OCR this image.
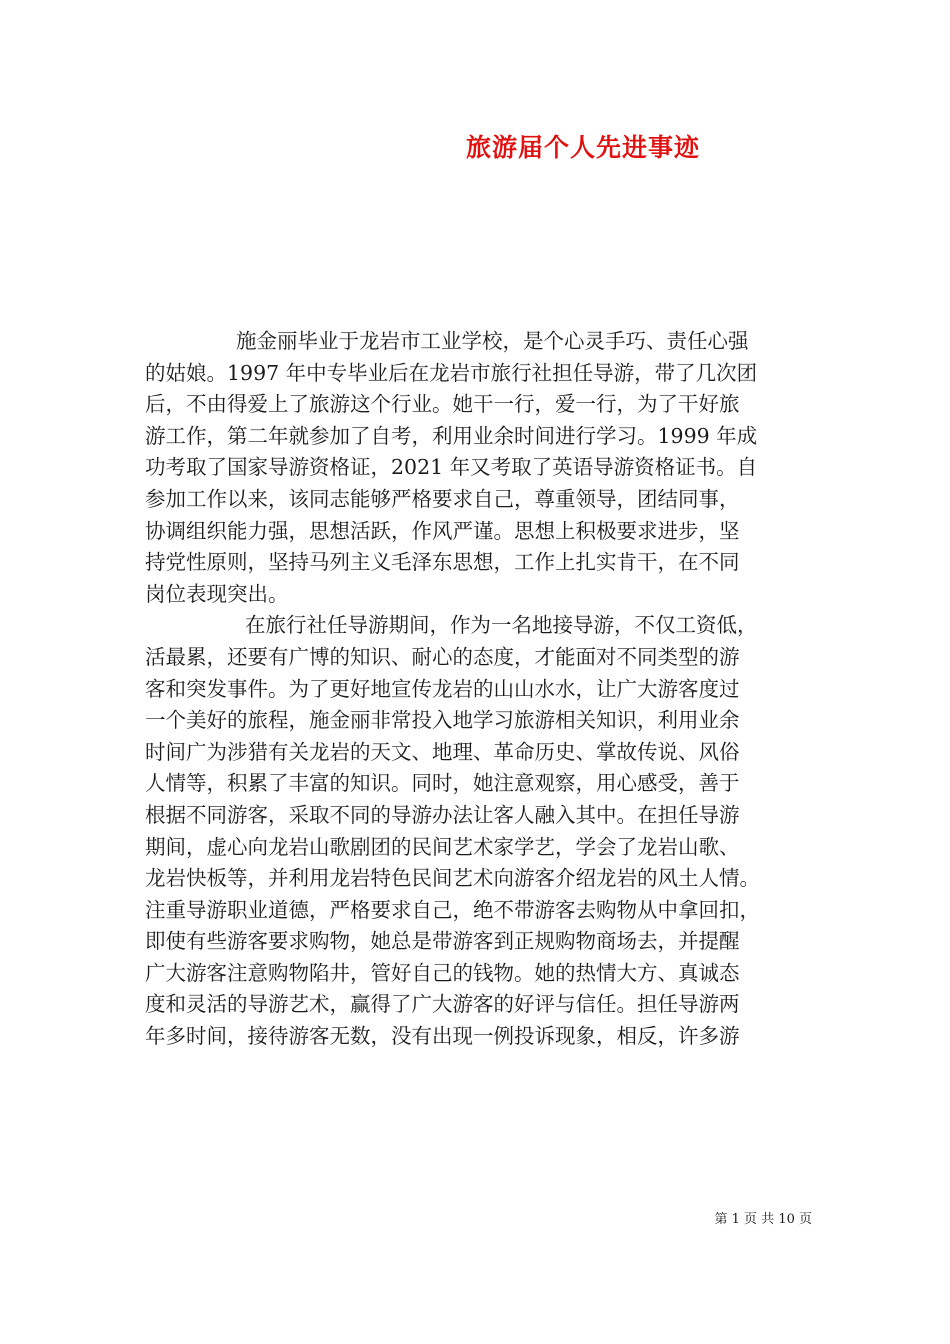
旅游届个人先进事迹
施金丽毕业于龙岩市工业学校，是个心灵手巧、责任心强
的姑娘。1997 年中专毕业后在龙岩市旅行社担任导游，带了几次团
后，不由得爱上了旅游这个行业。她干一行，爱一行，为了干好旅
游工作，第二年就参加了自考，利用业余时间进行学习。1999 年成
功考取了国家导游资格证，2021 年又考取了英语导游资格证书。自
参加工作以来，该同志能够严格要求自己，尊重领导，团结同事，
协调组织能力强，思想活跃，作风严谨。思想上积极要求进步，坚
持党性原则，坚持马列主义毛泽东思想，工作上扎实肯干，在不同
岗位表现突出。
在旅行社任导游期间，作为一名地接导游，不仅工资低，
活最累，还要有广博的知识、耐心的态度，才能面对不同类型的游
客和突发事件。为了更好地宣传龙岩的山山水水，让广大游客度过
一个美好的旅程，施金丽非常投入地学习旅游相关知识，利用业余
时间广为涉猎有关龙岩的天文、地理、革命历史、掌故传说、风俗
人情等，积累了丰富的知识。同时，她注意观察，用心感受，善于
根据不同游客，采取不同的导游办法让客人融入其中。在担任导游
期间，虚心向龙岩山歌剧团的民间艺术家学艺，学会了龙岩山歌、
龙岩快板等，并利用龙岩特色民间艺术向游客介绍龙岩的风土人情。
注重导游职业道德，严格要求自己，绝不带游客去购物从中拿回扣，
即使有些游客要求购物，她总是带游客到正规购物商场去，并提醒
广大游客注意购物陷井，管好自己的钱物。她的热情大方、真诚态
度和灵活的导游艺术，赢得了广大游客的好评与信任。担任导游两
年多时间，接待游客无数，没有出现一例投诉现象，相反，许多游
第 1 页 共 10 页
